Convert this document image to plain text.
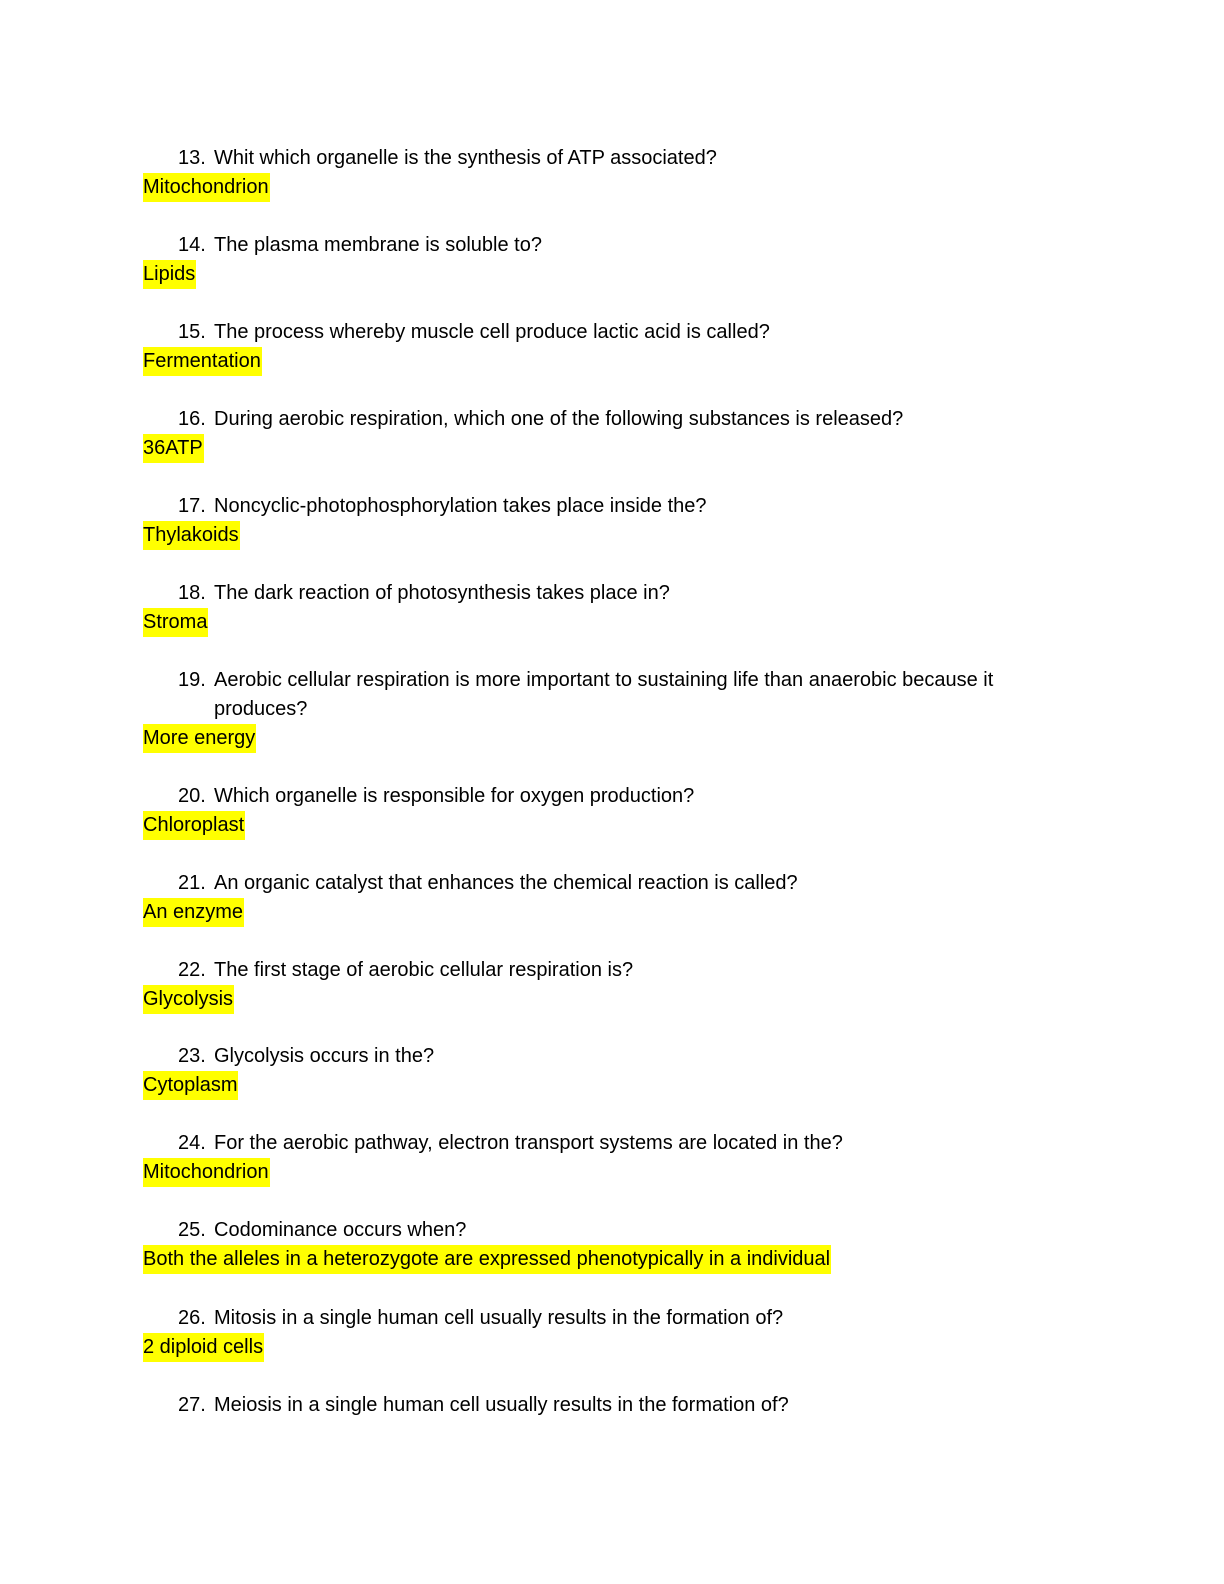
13. Whit which organelle is the synthesis of ATP associated?
Mitochondrion
14. The plasma membrane is soluble to?
Lipids
15. The process whereby muscle cell produce lactic acid is called?
Fermentation
16. During aerobic respiration, which one of the following substances is released?
36ATP
17. Noncyclic-photophosphorylation takes place inside the?
Thylakoids
18. The dark reaction of photosynthesis takes place in?
Stroma
19. Aerobic cellular respiration is more important to sustaining life than anaerobic because it produces?
More energy
20. Which organelle is responsible for oxygen production?
Chloroplast
21. An organic catalyst that enhances the chemical reaction is called?
An enzyme
22. The first stage of aerobic cellular respiration is?
Glycolysis
23. Glycolysis occurs in the?
Cytoplasm
24. For the aerobic pathway, electron transport systems are located in the?
Mitochondrion
25. Codominance occurs when?
Both the alleles in a heterozygote are expressed phenotypically in a individual
26. Mitosis in a single human cell usually results in the formation of?
2 diploid cells
27. Meiosis in a single human cell usually results in the formation of?
